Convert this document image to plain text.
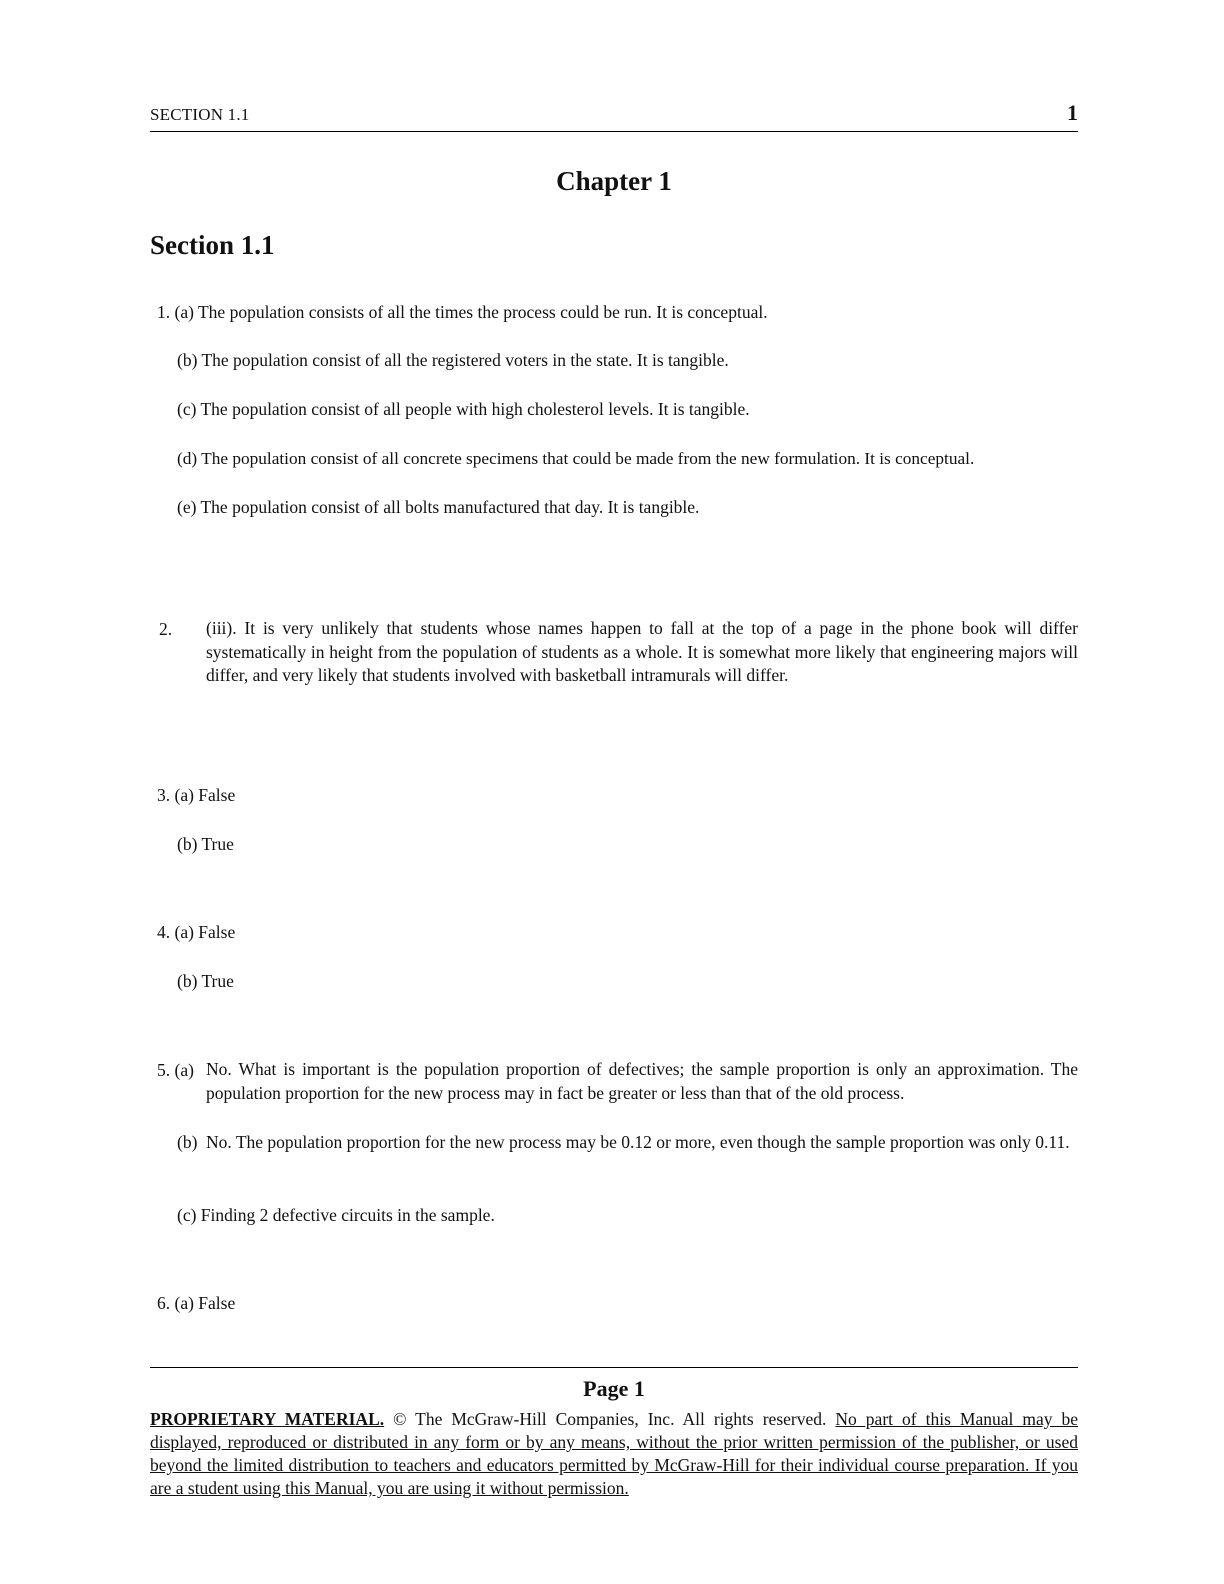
SECTION 1.1	1
Chapter 1
Section 1.1
1. (a) The population consists of all the times the process could be run. It is conceptual.
(b) The population consist of all the registered voters in the state. It is tangible.
(c) The population consist of all people with high cholesterol levels. It is tangible.
(d) The population consist of all concrete specimens that could be made from the new formulation. It is conceptual.
(e) The population consist of all bolts manufactured that day. It is tangible.
2. (iii). It is very unlikely that students whose names happen to fall at the top of a page in the phone book will differ systematically in height from the population of students as a whole. It is somewhat more likely that engineering majors will differ, and very likely that students involved with basketball intramurals will differ.
3. (a) False
(b) True
4. (a) False
(b) True
5. (a) No. What is important is the population proportion of defectives; the sample proportion is only an approximation. The population proportion for the new process may in fact be greater or less than that of the old process.
(b) No. The population proportion for the new process may be 0.12 or more, even though the sample proportion was only 0.11.
(c) Finding 2 defective circuits in the sample.
6. (a) False
Page 1
PROPRIETARY MATERIAL. © The McGraw-Hill Companies, Inc. All rights reserved. No part of this Manual may be displayed, reproduced or distributed in any form or by any means, without the prior written permission of the publisher, or used beyond the limited distribution to teachers and educators permitted by McGraw-Hill for their individual course preparation. If you are a student using this Manual, you are using it without permission.
